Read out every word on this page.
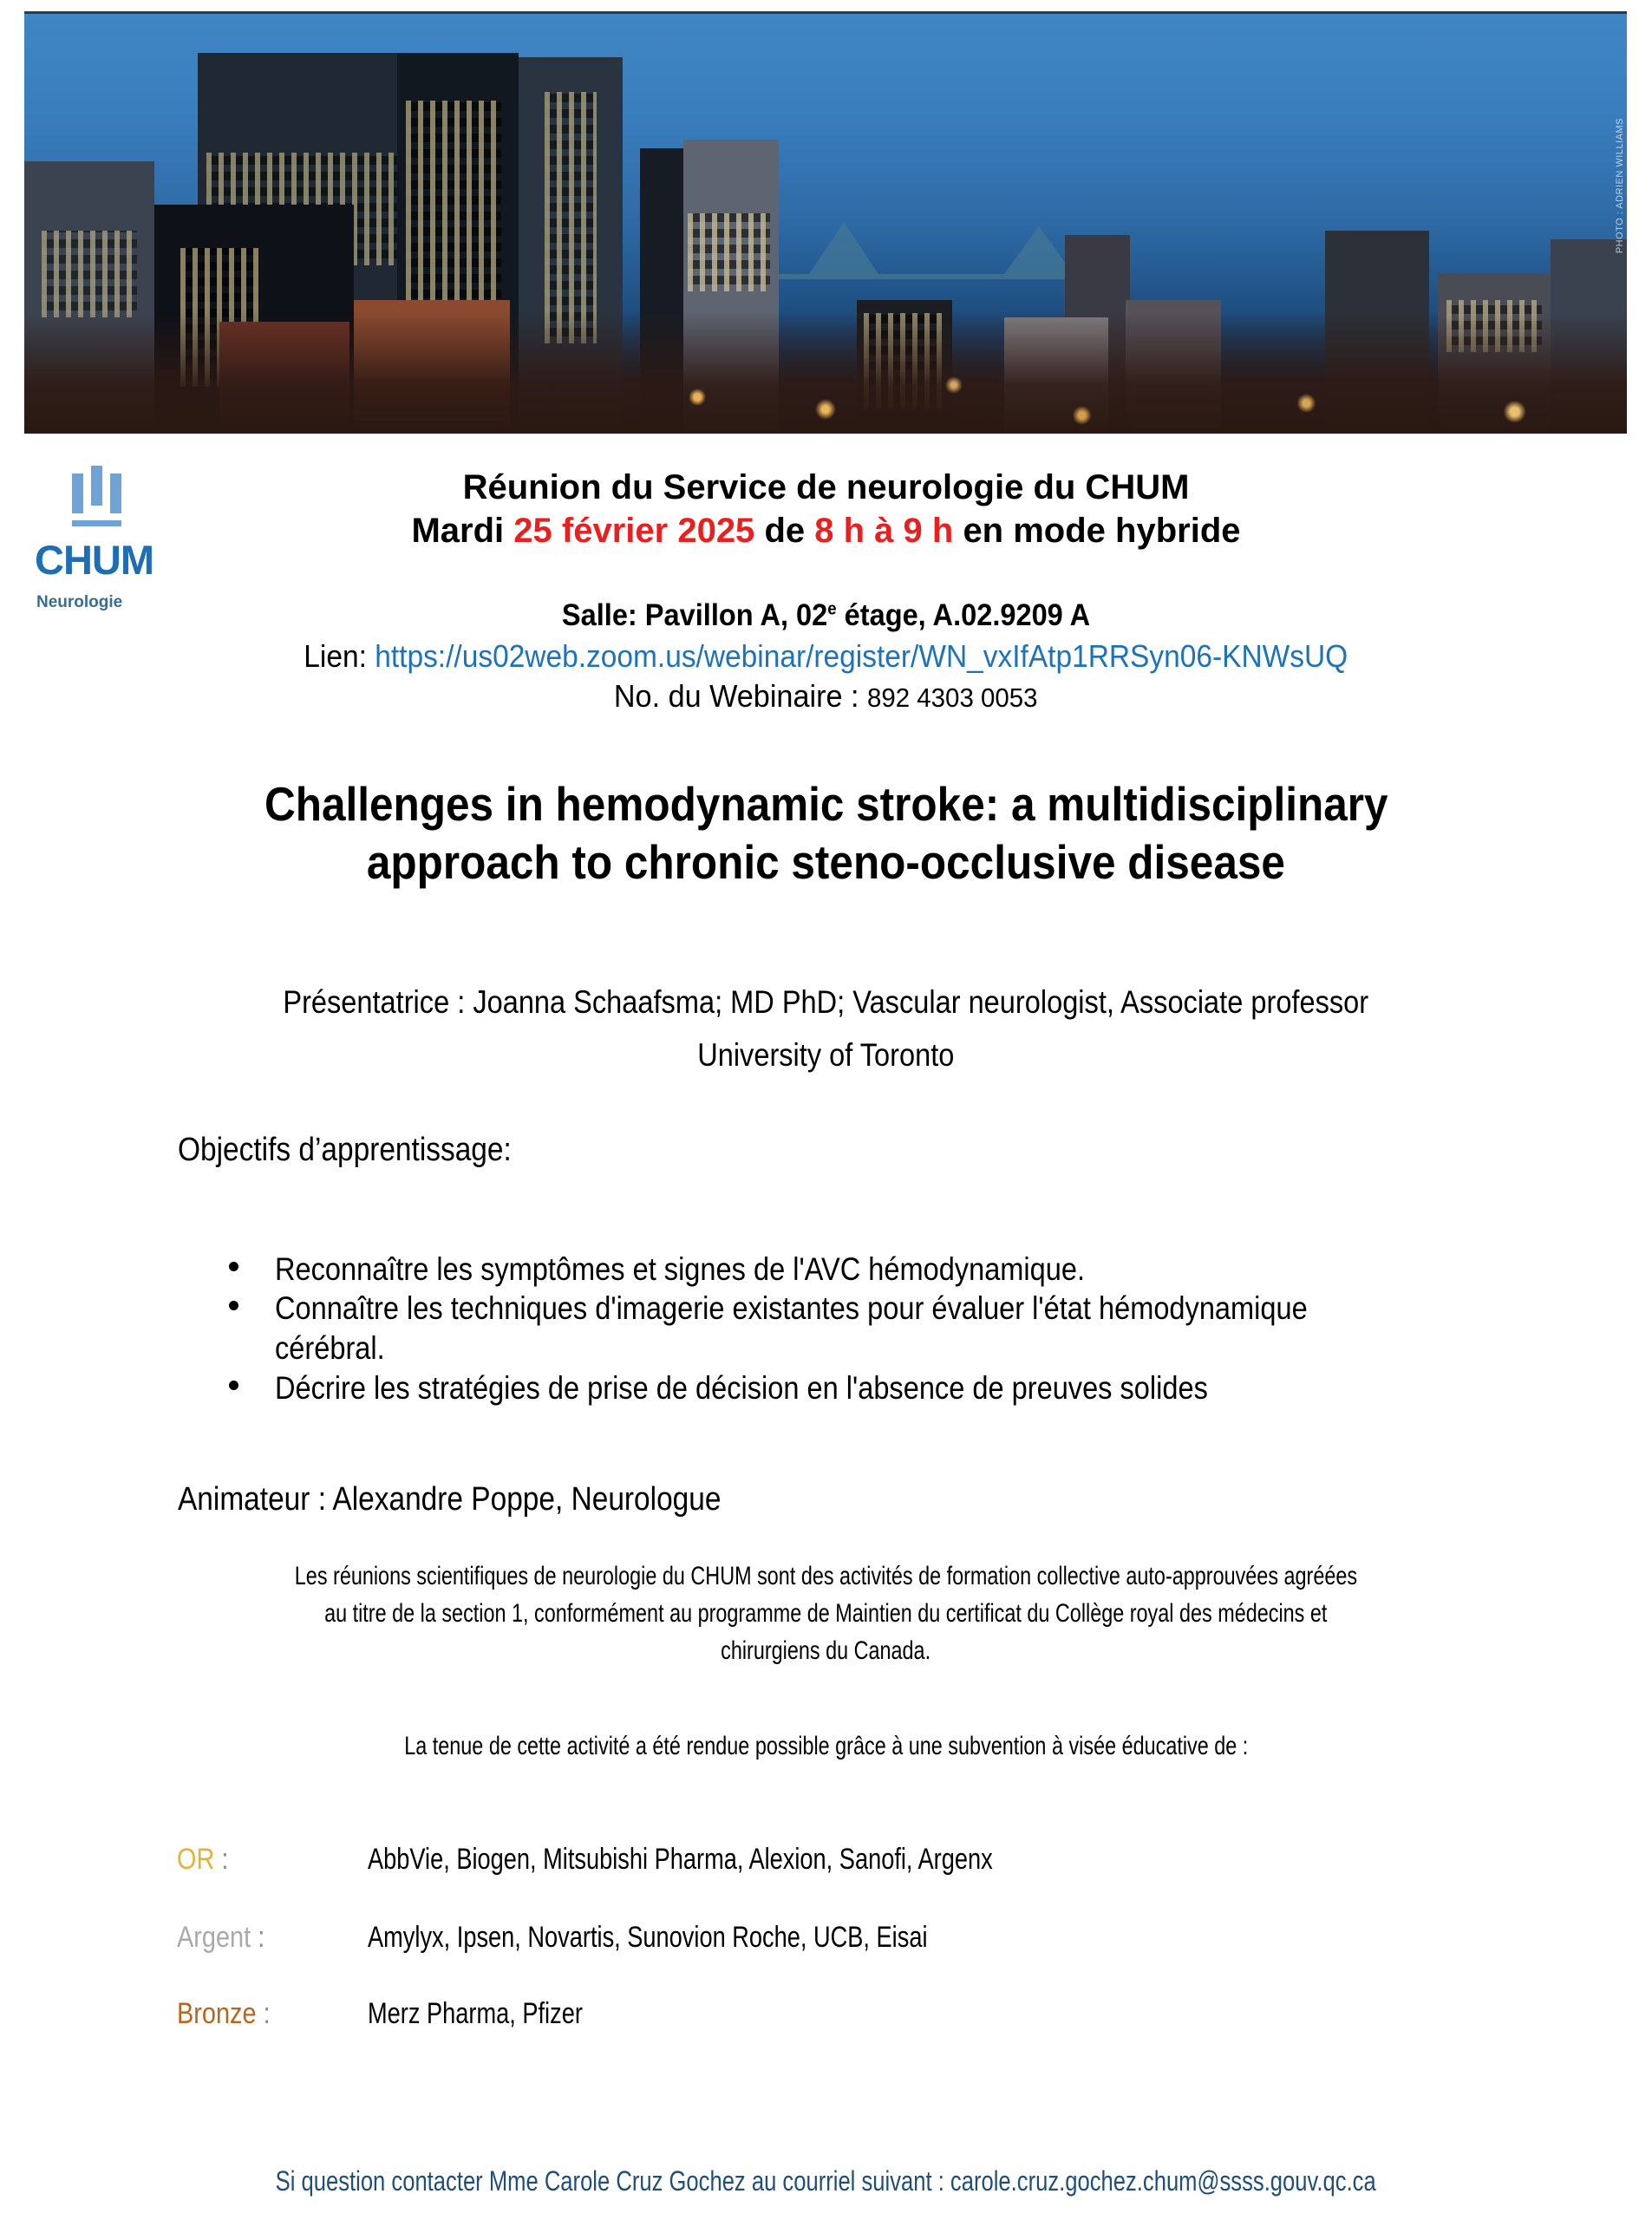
PHOTO : ADRIEN WILLIAMS
CHUM
Neurologie
Réunion du Service de neurologie du CHUM
Mardi 25 février 2025 de 8 h à 9 h en mode hybride
Salle: Pavillon A, 02e étage, A.02.9209 A
Lien: https://us02web.zoom.us/webinar/register/WN_vxIfAtp1RRSyn06-KNWsUQ
No. du Webinaire : 892 4303 0053
Challenges in hemodynamic stroke: a multidisciplinary
approach to chronic steno-occlusive disease
Présentatrice : Joanna Schaafsma; MD PhD; Vascular neurologist, Associate professor
University of Toronto
Objectifs d’apprentissage:
Reconnaître les symptômes et signes de l'AVC hémodynamique.
Connaître les techniques d'imagerie existantes pour évaluer l'état hémodynamique
cérébral.
Décrire les stratégies de prise de décision en l'absence de preuves solides
Animateur : Alexandre Poppe, Neurologue
Les réunions scientifiques de neurologie du CHUM sont des activités de formation collective auto-approuvées agréées
au titre de la section 1, conformément au programme de Maintien du certificat du Collège royal des médecins et
chirurgiens du Canada.
La tenue de cette activité a été rendue possible grâce à une subvention à visée éducative de :
OR :	AbbVie, Biogen, Mitsubishi Pharma, Alexion, Sanofi, Argenx
Argent :	Amylyx, Ipsen, Novartis, Sunovion Roche, UCB, Eisai
Bronze :	Merz Pharma, Pfizer
Si question contacter Mme Carole Cruz Gochez au courriel suivant : carole.cruz.gochez.chum@ssss.gouv.qc.ca
